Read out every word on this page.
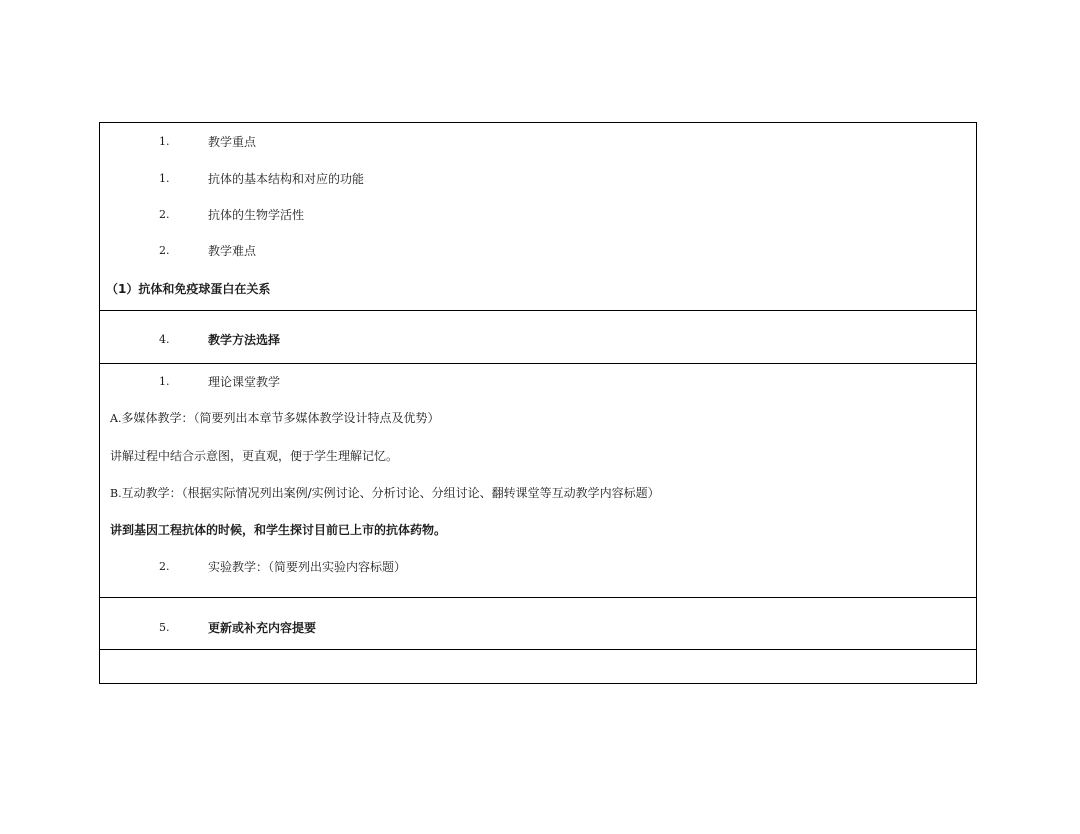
1.	教学重点
1.	抗体的基本结构和对应的功能
2.	抗体的生物学活性
2.	教学难点
（1）抗体和免疫球蛋白在关系
4.	教学方法选择
1.	理论课堂教学
A.多媒体教学：（简要列出本章节多媒体教学设计特点及优势）
讲解过程中结合示意图，更直观，便于学生理解记忆。
B.互动教学：（根据实际情况列出案例/实例讨论、分析讨论、分组讨论、翻转课堂等互动教学内容标题）
讲到基因工程抗体的时候，和学生探讨目前已上市的抗体药物。
2.	实验教学：（简要列出实验内容标题）
5.	更新或补充内容提要
